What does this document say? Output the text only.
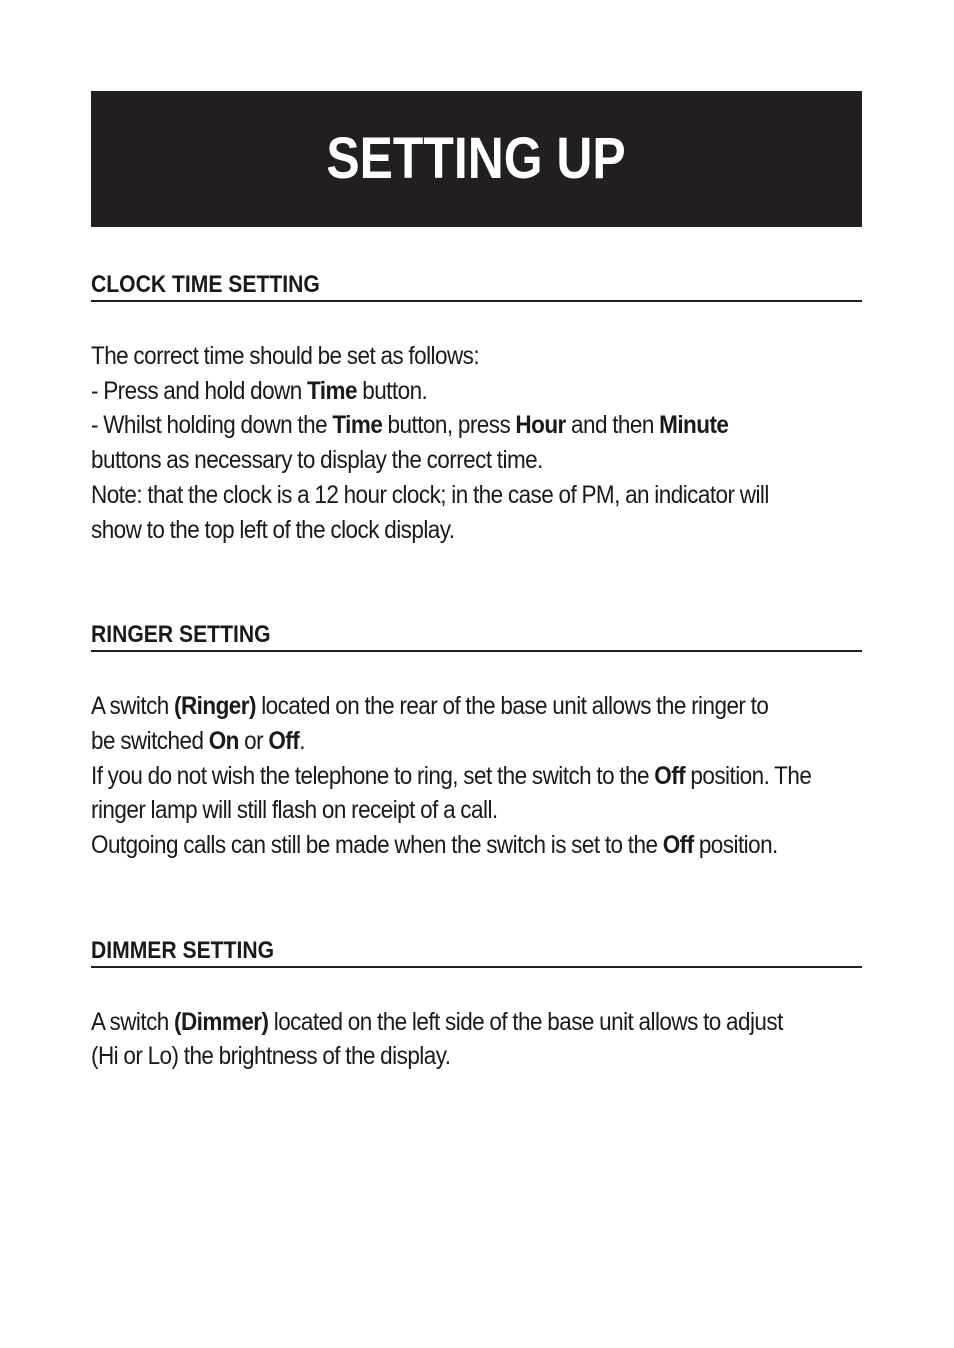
SETTING UP
CLOCK TIME SETTING

The correct time should be set as follows:
- Press and hold down Time button.
- Whilst holding down the Time button, press Hour and then Minute
buttons as necessary to display the correct time.
Note: that the clock is a 12 hour clock; in the case of PM, an indicator will
show to the top left of the clock display.

RINGER SETTING

A switch (Ringer) located on the rear of the base unit allows the ringer to
be switched On or Off.
If you do not wish the telephone to ring, set the switch to the Off position. The
ringer lamp will still flash on receipt of a call.
Outgoing calls can still be made when the switch is set to the Off position.

DIMMER SETTING

A switch (Dimmer) located on the left side of the base unit allows to adjust
(Hi or Lo) the brightness of the display.
